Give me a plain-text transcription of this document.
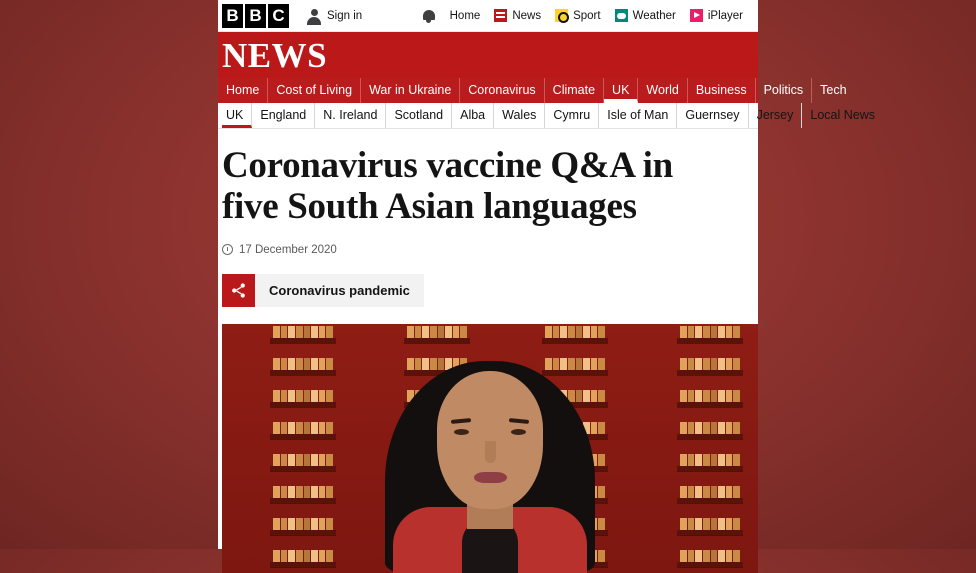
B B C	Sign in	Home	News	Sport	Weather	iPlayer
NEWS
Home	Cost of Living	War in Ukraine	Coronavirus	Climate	UK	World	Business	Politics	Tech
UK	England	N. Ireland	Scotland	Alba	Wales	Cymru	Isle of Man	Guernsey	Jersey	Local News
Coronavirus vaccine Q&A in five South Asian languages
17 December 2020
Coronavirus pandemic
